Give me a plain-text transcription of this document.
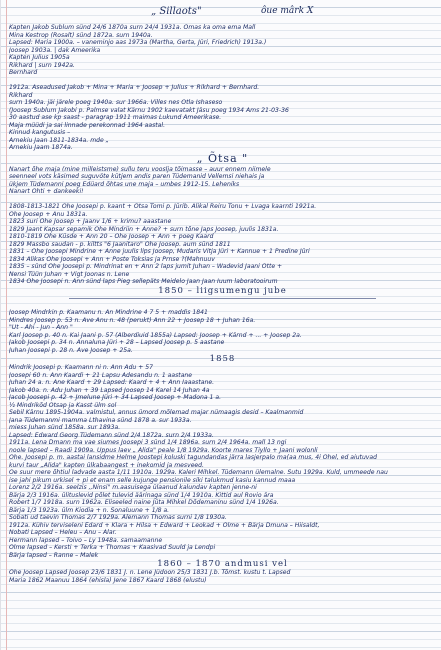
„ Sillaots"	ôue mârk X
Kapten Jakob Sublum sünd 24/6 1870a surn 24/4 1931a. Omas ka oma ema Mall
Mina Kestrop (Rosalt) sünd 1872a. surn 1940a.
Lapsed: Maria 1900a. – vaneminjo aas 1973a (Martha, Gerta, Jüri, Friedrich) 1913a.)
Joosep 1903a. | dak Ameerika
Kapten Julius 1905a
Rikhard | surn 1942a.
Bernhard
1912a. Aseadused Jakob + Mina + Maria + Joosep + Julius + Rikhard + Bernhard.
Rikhard
surn 1940a. jäi järele poeg 1940a. sur 1966a. Villes nes Otla Ishaseso
(Joosep Sublum Jakobi p. Palmse valat Kärnu 1902 kaevatakt Jäsu poeg 1934 Ams 21-03-36
30 aastud ase kp saast - paragrap 1911 maimas Lukund Ameerikase.
Maja müüdi ja sai linnade perekonnad 1964 aastal.
Kinnud kangutusis –
Arnekiu Jaan 1811-1834a. mde „
Arnekiu Jaam 1874a.
„ Õtsa "
Nanart õhe maja (mine milleistsme) sullu teru vooslja tõimasse – auur ennem niimele
seenneel vots käsimed suguvöte kütjem andis paren Tüdemanid Vellemsi niehais ja
ükjem Tüdemanni poeg Edüard õhtas une maja – umbes 1912-15. Leheniks
Nanart Õhti + dankeeki!
1808-1813-1821 Ohe Joosepi p. kaant + Otsa Tomi p. Jürib. Alikal Reiru Tonu + Lvaga kaarnti 1921a.
Ohe Joosep + Anu 1831a.
1823 suri Ohe Joosep + Jaanv 1/6 + krimu? aaastane
1829 Jaant Kapsar sepamik Ohe Mindriin + Anne? + surn tõne Japs Joosep, juulis 1831a.
1810-1819 Ohe Küsde + Ann 20 – Ohe Joosep + Ann + poeg Kaard
1829 Massbo saudan - p. kiltts "6 Jaanitaro" Ohe Joosep. aum sünd 1811
1831 – Ohe Joosepi Mindrine + Anne juulis lips Joosep, Mudaris Vitja Jüri + Kannue + 1 Predine Jüri
1834 Alikas Ohe Joosepi + Ann + Poste Toksias ja Prnse ?(Mahnuuv
1835 – sünd Ohe Joosepi p. Mindrinat en + Ann 2 laps jumit Juhan – Wadevid Jaani Otte +
Nensi Tüün Juhan + Vigt Joonas n. Lene
1834 Ohe Joosepi n. Ann sünd laps Pieg sellepäts Meidelo Jaan Jaan Iuum laboratooirum
1850 – liigsumengu jube
Joosep Mindrkin p. Kaamanu n. An Mindrine 4 7 5 + maddis 1841
Mindres Joosep p. 53 n. Ave Anu n. 48 (perukt) Ann 22 + Joosep 18 + Juhan 16a.
"Ut - Ahi - Jun - Ann "
Karl Joosep p. 40 n. Kai Jaani p. 57 (Alberdiuid 1855a) Lapsed: Joosep + Kärnd + ... + Joosep 2a.
Jakob Joosepi p. 34 n. Annaluna Jüri + 28 – Lapsed Joosep p. 5 aastane
Juhan Joosepi p. 28 n. Ave Joosep + 25a.
1858
Mindrik Joosepi p. Kaamann ni n. Ann Adu + 57
Joosepi 60 n. Ann Kaardi + 21 Lapsu Adesandu n. 1 aastane
Juhan 24 a. n. Ane Kaard + 29 Lapsed: Kaard + 4 + Ann Iaaastane.
Jakob 40a. n. Adu Juhan + 39 Lapsed Joosep 14 Karel 14 Juhan 4a
Jacob Joosepi p. 42 + Jmelune Jüri + 34 Lapsed Joosep + Madona 1 a.
½ Mindrikõd Otsap ja Kasst ülm sol
Sebil Kärnu 1895-1904a. valmistul, annus ümord mõlemad majar nümaagis desid – Kaalmanmid
Jana Tüdemanmi mamma Lthavina sünd 1878 a. sur 1933a.
miess Juhan sünd 1858a. sur 1893a.
Lapsed: Edward Georg Tüdemann sünd 2/4 1872a. surn 2/4 1933a.
1911a. Lena Dmann ma vae siumes Joosepi 3 sünd 1/4 1896a. surn 2/4 1964a. mall 13 ngi
noole lapsed – Raadi 1909a. Uppus laev „ Alida" peale 1/8 1929a. Koorte mares Tiyllo + Jaani wolonli
Ohe. Joosepi p. m. aastai lansidme Helme Joostepi koluski tagundandas järra lasjerpalo ma(aa mus, 4i Ohel, ed aiutuvad
kurvi taur „Alida" kapten ülkabaangest + inekomid ja mesveed.
Õe suur mere õhtiul ladvade aasta 1/11 1910a. 1929a. Kaleri Mihkel. Tüdemann ülemalne. Sutu 1929a. Kuld, ummeede nau
ise jahi pikum urkisel + pi et enam selle kujunge pensionile siki talukmud kasiu kannud maaa
Lorenz 2/2 1916a. seelzis ,,Ninsi" m.aasuisega ülaanud kalundav kapten jenne-ni
Bärja 2/3 1916a. ülituslevid põlet tulevid äärinaga sünd 1/4 1910a. Kittid aul Rovio ära
Robert 1/7 1918a. surn 1962a. Eliseeled naine Jüta Mihkel Dõdemaninu sünd 1/4 1926a.
Bärja 1/3 1923a. ülm Kiodia + n. Sonaluune + 1/8 a.
Sobati ud taevin Thomas 2/7 1929a. Alemann Thomas surni 1/8 1930a.
1912a. Kühiv terviseleni Edard + Klara + Hilsa + Edward + Leokad + Olme + Bärja Dmuna – Hiisaldt,
Nobati Lapsed – Heleu – Anu – Alar.
Hermann lapsed – Toivo – Ly 1948a. samaamanne
Olme lapsed – Kersti + Terka + Thomas + Kaasivad Suuld ja Lendpi
Bärja lapsed – Ranne – Malek
1860 – 1870 andmusi vel
Ohe Joosep Lapsed Joosep 23/6 1831 J. n. Lene Jüdoon 25/3 1831 J.b. Tõmst. kustu t. Lapsed
Maria 1862 Maanuu 1864 (ehisla) Jene 1867 Kaard 1868 (elustu)
